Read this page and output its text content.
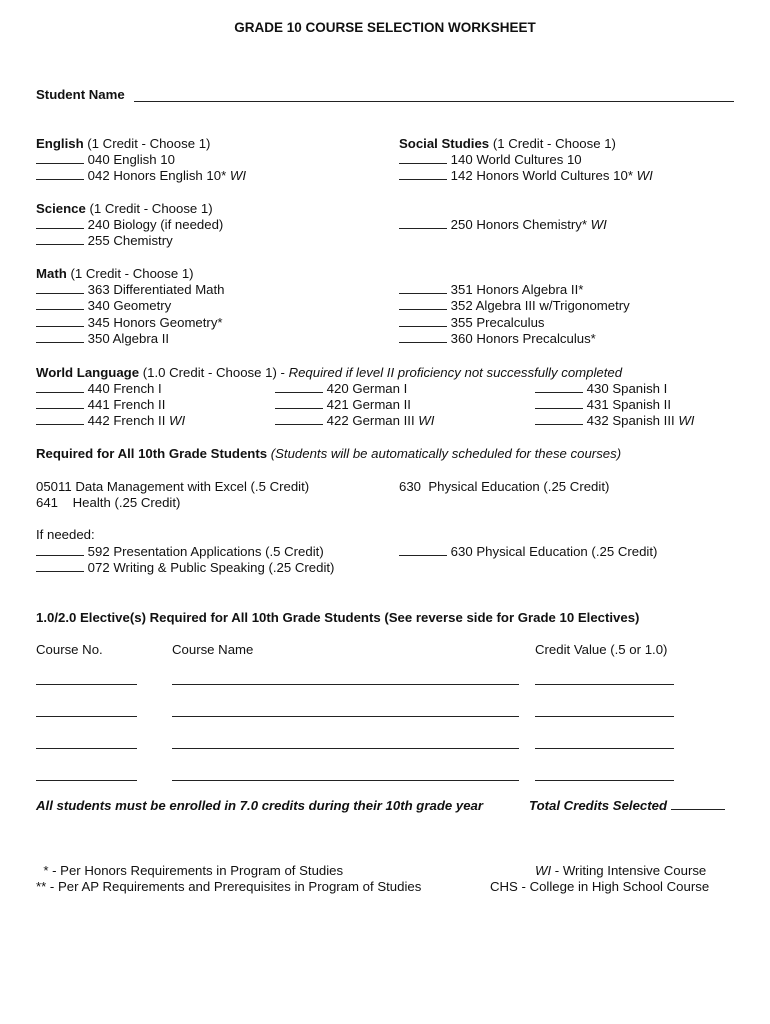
GRADE 10 COURSE SELECTION WORKSHEET
Student Name
English (1 Credit - Choose 1)
040 English 10
042 Honors English 10* WI
Social Studies (1 Credit - Choose 1)
140 World Cultures 10
142 Honors World Cultures 10* WI
Science (1 Credit - Choose 1)
240 Biology (if needed)
255 Chemistry
250 Honors Chemistry* WI
Math (1 Credit - Choose 1)
363 Differentiated Math
340 Geometry
345 Honors Geometry*
350 Algebra II
351 Honors Algebra II*
352 Algebra III w/Trigonometry
355 Precalculus
360 Honors Precalculus*
World Language (1.0 Credit - Choose 1) - Required if level II proficiency not successfully completed
440 French I
441 French II
442 French II WI
420 German I
421 German II
422 German III WI
430 Spanish I
431 Spanish II
432 Spanish III WI
Required for All 10th Grade Students (Students will be automatically scheduled for these courses)
05011 Data Management with Excel (.5 Credit)
641    Health (.25 Credit)
630  Physical Education (.25 Credit)
If needed:
592 Presentation Applications (.5 Credit)
072 Writing & Public Speaking (.25 Credit)
630 Physical Education (.25 Credit)
1.0/2.0 Elective(s) Required for All 10th Grade Students (See reverse side for Grade 10 Electives)
Course No.	Course Name	Credit Value (.5 or 1.0)
All students must be enrolled in 7.0 credits during their 10th grade year	Total Credits Selected
* - Per Honors Requirements in Program of Studies
** - Per AP Requirements and Prerequisites in Program of Studies
WI - Writing Intensive Course
CHS - College in High School Course
